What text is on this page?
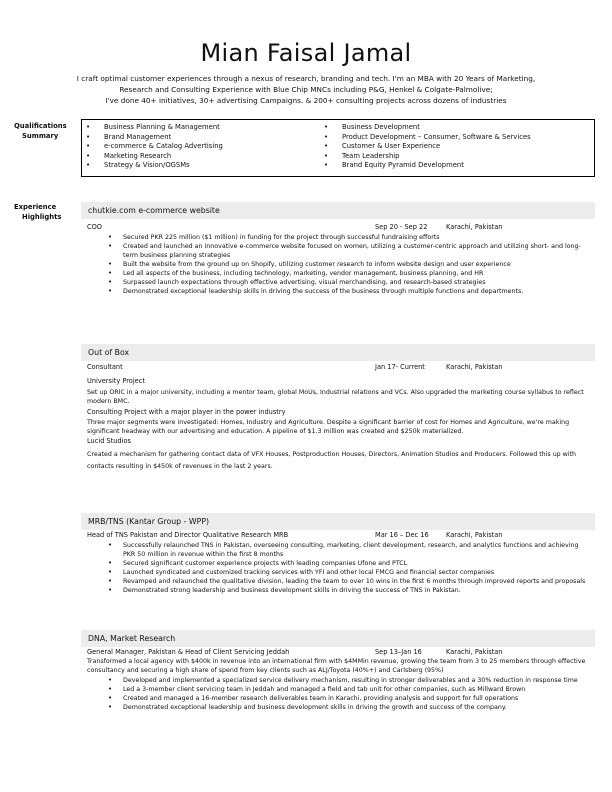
Mian Faisal Jamal
I craft optimal customer experiences through a nexus of research, branding and tech. I'm an MBA with 20 Years of Marketing,
Research and Consulting Experience with Blue Chip MNCs including P&G, Henkel & Colgate-Palmolive;
I've done 40+ initiatives, 30+ advertising Campaigns. & 200+ consulting projects across dozens of industries
Qualifications
Summary
• Business Planning & Management
• Brand Management
• e-commerce & Catalog Advertising
• Marketing Research
• Strategy & Vision/OGSMs
• Business Development
• Product Development – Consumer, Software & Services
• Customer & User Experience
• Team Leadership
• Brand Equity Pyramid Development
Experience
Highlights
chutkie.com e-commerce website
COO	Sep 20 - Sep 22	Karachi, Pakistan
• Secured PKR 225 million ($1 million) in funding for the project through successful fundraising efforts
• Created and launched an innovative e-commerce website focused on women, utilizing a customer-centric approach and utilizing short- and long-term business planning strategies
• Built the website from the ground up on Shopify, utilizing customer research to inform website design and user experience
• Led all aspects of the business, including technology, marketing, vendor management, business planning, and HR
• Surpassed launch expectations through effective advertising, visual merchandising, and research-based strategies
• Demonstrated exceptional leadership skills in driving the success of the business through multiple functions and departments.
Out of Box
Consultant	Jan 17- Current	Karachi, Pakistan
University Project
Set up ORIC in a major university, including a mentor team, global MoUs, Industrial relations and VCs. Also upgraded the marketing course syllabus to reflect modern BMC.
Consulting Project with a major player in the power industry
Three major segments were investigated: Homes, Industry and Agriculture. Despite a significant barrier of cost for Homes and Agriculture, we're making significant headway with our advertising and education. A pipeline of $1.3 million was created and $250k materialized.
Lucid Studios
Created a mechanism for gathering contact data of VFX Houses, Postproduction Houses, Directors, Animation Studios and Producers. Followed this up with contacts resulting in $450k of revenues in the last 2 years.
MRB/TNS (Kantar Group - WPP)
Head of TNS Pakistan and Director Qualitative Research MRB	Mar 16 – Dec 16	Karachi, Pakistan
• Successfully relaunched TNS in Pakistan, overseeing consulting, marketing, client development, research, and analytics functions and achieving PKR 50 million in revenue within the first 8 months
• Secured significant customer experience projects with leading companies Ufone and PTCL
• Launched syndicated and customized tracking services with YFI and other local FMCG and financial sector companies
• Revamped and relaunched the qualitative division, leading the team to over 10 wins in the first 6 months through improved reports and proposals
• Demonstrated strong leadership and business development skills in driving the success of TNS in Pakistan.
DNA, Market Research
General Manager, Pakistan & Head of Client Servicing Jeddah	Sep 13–Jan 16	Karachi, Pakistan
Transformed a local agency with $400k in revenue into an international firm with $4MMin revenue, growing the team from 3 to 25 members through effective consultancy and securing a high share of spend from key clients such as ALJ/Toyota (40%+) and Carlsberg (95%)
• Developed and implemented a specialized service delivery mechanism, resulting in stronger deliverables and a 30% reduction in response time
• Led a 3-member client servicing team in Jeddah and managed a field and tab unit for other companies, such as Millward Brown
• Created and managed a 16-member research deliverables team in Karachi, providing analysis and support for full operations
• Demonstrated exceptional leadership and business development skills in driving the growth and success of the company.
